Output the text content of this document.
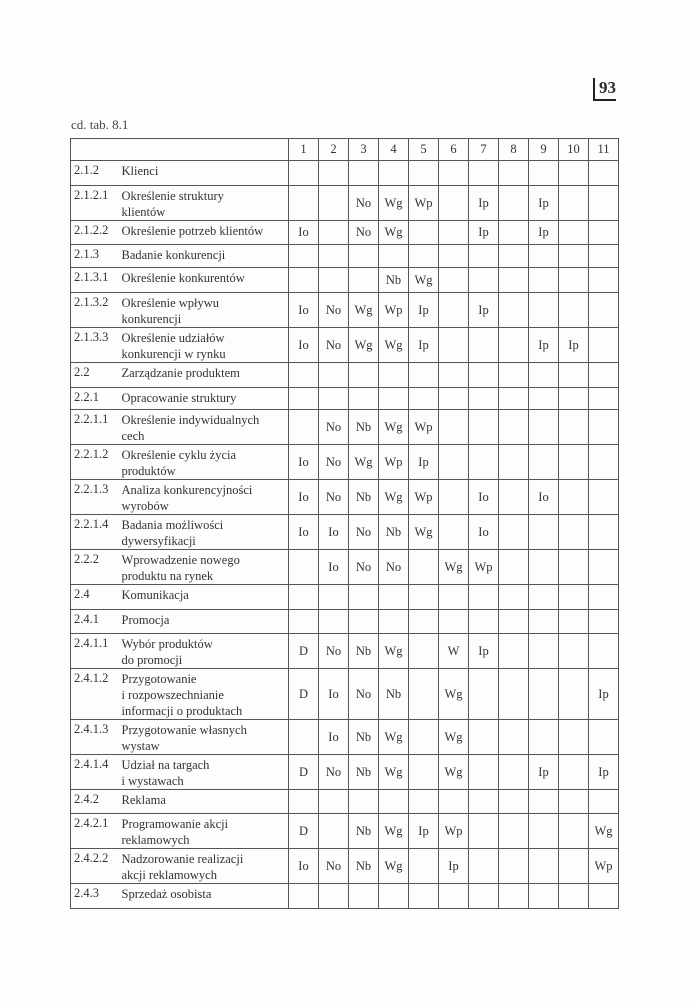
93
cd. tab. 8.1
		1	2	3	4	5	6	7	8	9	10	11
2.1.2	Klienci											

2.1.2.1	Określenie struktury
klientów			No	Wg	Wp		Ip		Ip		
2.1.2.2	Określenie potrzeb klientów	Io		No	Wg			Ip		Ip		
2.1.3	Badanie konkurencji											

2.1.3.1	Określenie konkurentów				Nb	Wg						
2.1.3.2	Określenie wpływu
konkurencji	Io	No	Wg	Wp	Ip		Ip				
2.1.3.3	Określenie udziałów
konkurencji w rynku	Io	No	Wg	Wg	Ip				Ip	Ip	
2.2	Zarządzanie produktem											

2.2.1	Opracowanie struktury											

2.2.1.1	Określenie indywidualnych
cech		No	Nb	Wg	Wp						
2.2.1.2	Określenie cyklu życia
produktów	Io	No	Wg	Wp	Ip						
2.2.1.3	Analiza konkurencyjności
wyrobów	Io	No	Nb	Wg	Wp		Io		Io		
2.2.1.4	Badania możliwości
dywersyfikacji	Io	Io	No	Nb	Wg		Io				
2.2.2	Wprowadzenie nowego
produktu na rynek		Io	No	No		Wg	Wp				
2.4	Komunikacja											

2.4.1	Promocja											

2.4.1.1	Wybór produktów
do promocji	D	No	Nb	Wg		W	Ip				
2.4.1.2	Przygotowanie
i rozpowszechnianie
informacji o produktach	D	Io	No	Nb		Wg					Ip
2.4.1.3	Przygotowanie własnych
wystaw		Io	Nb	Wg		Wg					
2.4.1.4	Udział na targach
i wystawach	D	No	Nb	Wg		Wg			Ip		Ip
2.4.2	Reklama											

2.4.2.1	Programowanie akcji
reklamowych	D		Nb	Wg	Ip	Wp					Wg
2.4.2.2	Nadzorowanie realizacji
akcji reklamowych	Io	No	Nb	Wg		Ip					Wp
2.4.3	Sprzedaż osobista											
